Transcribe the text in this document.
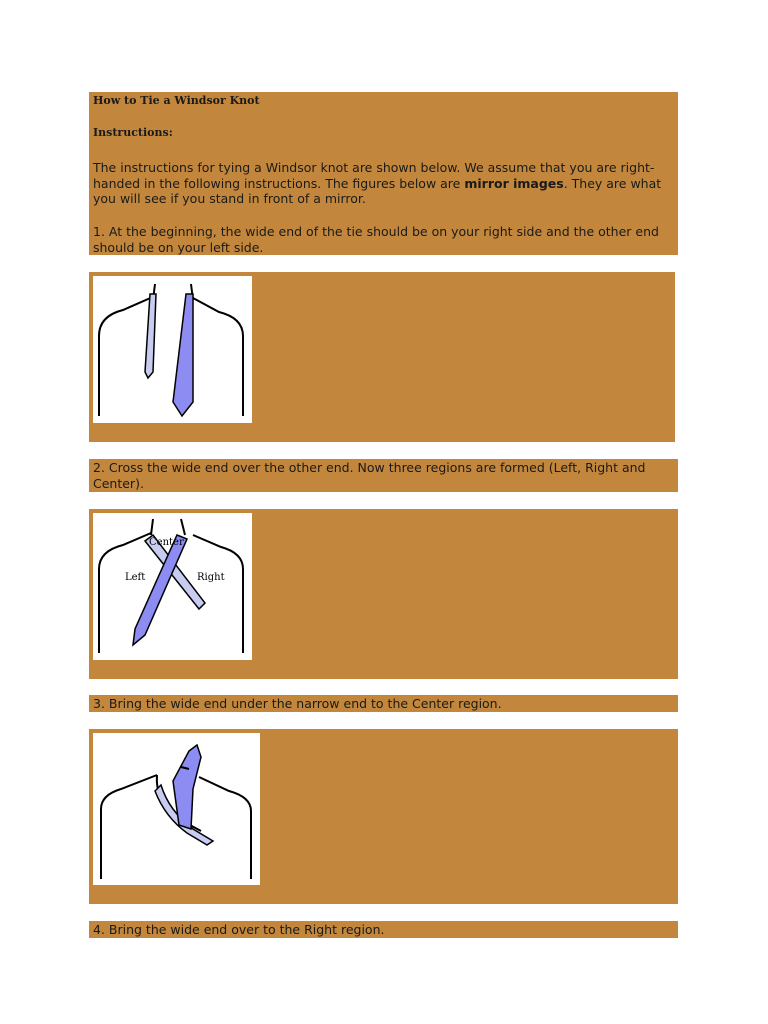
How to Tie a Windsor Knot
Instructions:
The instructions for tying a Windsor knot are shown below. We assume that you are right-handed in the following instructions. The figures below are mirror images. They are what you will see if you stand in front of a mirror.
1. At the beginning, the wide end of the tie should be on your right side and the other end should be on your left side.
2. Cross the wide end over the other end. Now three regions are formed (Left, Right and Center).
Center
Left	Right
3. Bring the wide end under the narrow end to the Center region.
4. Bring the wide end over to the Right region.
